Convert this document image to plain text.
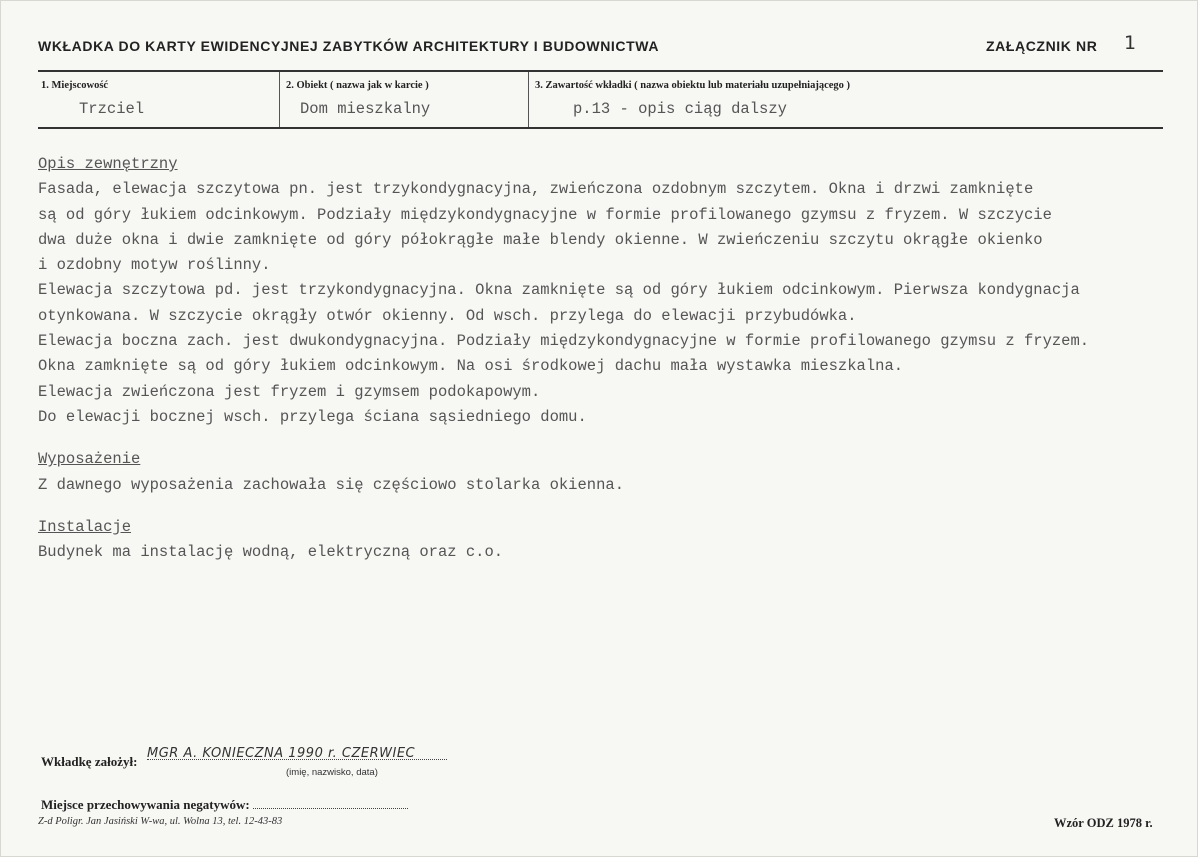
WKŁADKA DO KARTY EWIDENCYJNEJ ZABYTKÓW ARCHITEKTURY I BUDOWNICTWA	ZAŁĄCZNIK NR 1
1. Miejscowość
Trzciel
2. Obiekt ( nazwa jak w karcie )
Dom mieszkalny
3. Zawartość wkładki ( nazwa obiektu lub materiału uzupełniającego )
p.13 - opis ciąg dalszy
Opis zewnętrzny
Fasada, elewacja szczytowa pn. jest trzykondygnacyjna, zwieńczona ozdobnym szczytem. Okna i drzwi zamknięte
są od góry łukiem odcinkowym. Podziały międzykondygnacyjne w formie profilowanego gzymsu z fryzem. W szczycie
dwa duże okna i dwie zamknięte od góry półokrągłe małe blendy okienne. W zwieńczeniu szczytu okrągłe okienko
i ozdobny motyw roślinny.
Elewacja szczytowa pd. jest trzykondygnacyjna. Okna zamknięte są od góry łukiem odcinkowym. Pierwsza kondygnacja
otynkowana. W szczycie okrągły otwór okienny. Od wsch. przylega do elewacji przybudówka.
Elewacja boczna zach. jest dwukondygnacyjna. Podziały międzykondygnacyjne w formie profilowanego gzymsu z fryzem.
Okna zamknięte są od góry łukiem odcinkowym. Na osi środkowej dachu mała wystawka mieszkalna.
Elewacja zwieńczona jest fryzem i gzymsem podokapowym.
Do elewacji bocznej wsch. przylega ściana sąsiedniego domu.
Wyposażenie
Z dawnego wyposażenia zachowała się częściowo stolarka okienna.
Instalacje
Budynek ma instalację wodną, elektryczną oraz c.o.
Wkładkę założył:
MGR A. KONIECZNA 1990 r. CZERWIEC
(imię, nazwisko, data)
Miejsce przechowywania negatywów:
Z-d Poligr. Jan Jasiński W-wa, ul. Wolna 13, tel. 12-43-83	Wzór ODZ 1978 r.
